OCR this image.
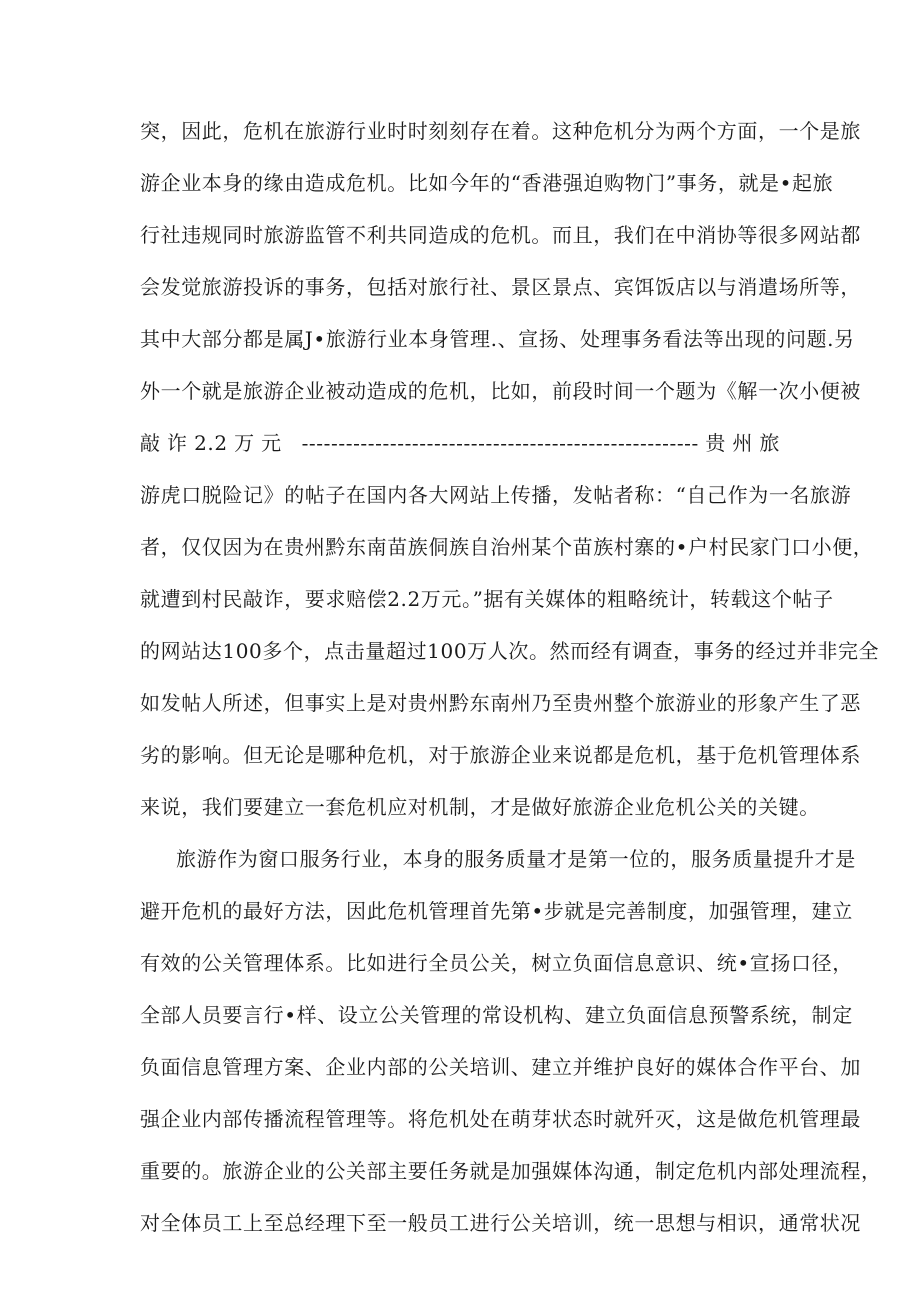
突，因此，危机在旅游行业时时刻刻存在着。这种危机分为两个方面，一个是旅
游企业本身的缘由造成危机。比如今年的“香港强迫购物门”事务，就是•起旅
行社违规同时旅游监管不利共同造成的危机。而且，我们在中消协等很多网站都
会发觉旅游投诉的事务，包括对旅行社、景区景点、宾饵饭店以与消遣场所等，
其中大部分都是属J•旅游行业本身管理.、宣扬、处理事务看法等出现的问题.另
外一个就是旅游企业被动造成的危机，比如，前段时间一个题为《解一次小便被
敲诈2.2万元 ------------------------------------------------------贵州旅
游虎口脱险记》的帖子在国内各大网站上传播，发帖者称：“自己作为一名旅游
者，仅仅因为在贵州黔东南苗族侗族自治州某个苗族村寨的•户村民家门口小便，
就遭到村民敲诈，要求赔偿2.2万元。”据有关媒体的粗略统计，转载这个帖子
的网站达100多个，点击量超过100万人次。然而经有调查，事务的经过并非完全
如发帖人所述，但事实上是对贵州黔东南州乃至贵州整个旅游业的形象产生了恶
劣的影响。但无论是哪种危机，对于旅游企业来说都是危机，基于危机管理体系
来说，我们要建立一套危机应对机制，才是做好旅游企业危机公关的关键。
旅游作为窗口服务行业，本身的服务质量才是第一位的，服务质量提升才是
避开危机的最好方法，因此危机管理首先第•步就是完善制度，加强管理，建立
有效的公关管理体系。比如进行全员公关，树立负面信息意识、统•宣扬口径，
全部人员要言行•样、设立公关管理的常设机构、建立负面信息预警系统，制定
负面信息管理方案、企业内部的公关培训、建立并维护良好的媒体合作平台、加
强企业内部传播流程管理等。将危机处在萌芽状态时就歼灭，这是做危机管理最
重要的。旅游企业的公关部主要任务就是加强媒体沟通，制定危机内部处理流程，
对全体员工上至总经理下至一般员工进行公关培训，统一思想与相识，通常状况
